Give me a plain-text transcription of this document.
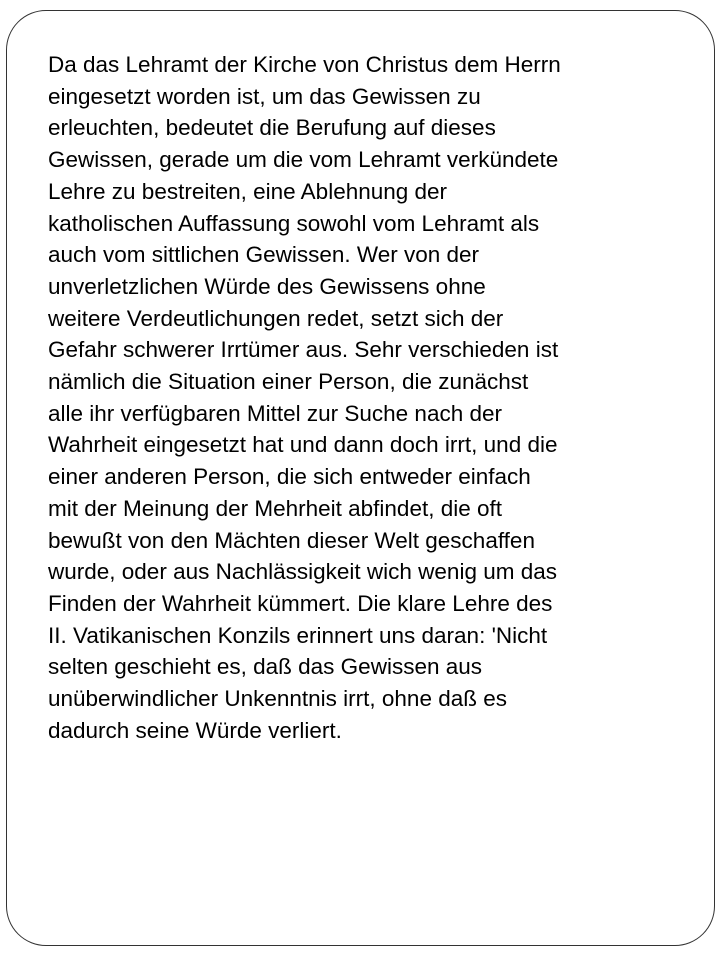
Da das Lehramt der Kirche von Christus dem Herrn
eingesetzt worden ist, um das Gewissen zu
erleuchten, bedeutet die Berufung auf dieses
Gewissen, gerade um die vom Lehramt verkündete
Lehre zu bestreiten, eine Ablehnung der
katholischen Auffassung sowohl vom Lehramt als
auch vom sittlichen Gewissen. Wer von der
unverletzlichen Würde des Gewissens ohne
weitere Verdeutlichungen redet, setzt sich der
Gefahr schwerer Irrtümer aus. Sehr verschieden ist
nämlich die Situation einer Person, die zunächst
alle ihr verfügbaren Mittel zur Suche nach der
Wahrheit eingesetzt hat und dann doch irrt, und die
einer anderen Person, die sich entweder einfach
mit der Meinung der Mehrheit abfindet, die oft
bewußt von den Mächten dieser Welt geschaffen
wurde, oder aus Nachlässigkeit wich wenig um das
Finden der Wahrheit kümmert. Die klare Lehre des
II. Vatikanischen Konzils erinnert uns daran: 'Nicht
selten geschieht es, daß das Gewissen aus
unüberwindlicher Unkenntnis irrt, ohne daß es
dadurch seine Würde verliert.
